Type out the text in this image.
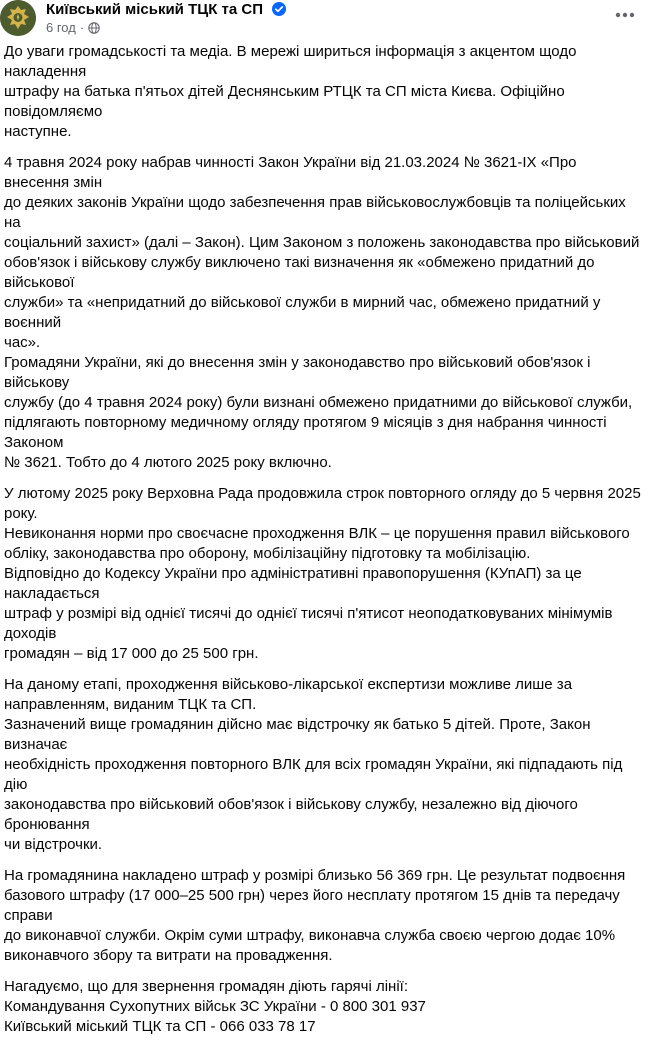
Київський міський ТЦК та СП
6 год ·

До уваги громадськості та медіа. В мережі шириться інформація з акцентом щодо накладення
штрафу на батька п'ятьох дітей Деснянським РТЦК та СП міста Києва. Офіційно повідомляємо
наступне.

4 травня 2024 року набрав чинності Закон України від 21.03.2024 № 3621-IX «Про внесення змін
до деяких законів України щодо забезпечення прав військовослужбовців та поліцейських на
соціальний захист» (далі – Закон). Цим Законом з положень законодавства про військовий
обов'язок і військову службу виключено такі визначення як «обмежено придатний до військової
служби» та «непридатний до військової служби в мирний час, обмежено придатний у воєнний
час».

Громадяни України, які до внесення змін у законодавство про військовий обов'язок і військову
службу (до 4 травня 2024 року) були визнані обмежено придатними до військової служби,
підлягають повторному медичному огляду протягом 9 місяців з дня набрання чинності Законом
№ 3621. Тобто до 4 лютого 2025 року включно.

У лютому 2025 року Верховна Рада продовжила строк повторного огляду до 5 червня 2025 року.
Невиконання норми про своєчасне проходження ВЛК – це порушення правил військового
обліку, законодавства про оборону, мобілізаційну підготовку та мобілізацію.

Відповідно до Кодексу України про адміністративні правопорушення (КУпАП) за це накладається
штраф у розмірі від однієї тисячі до однієї тисячі п'ятисот неоподатковуваних мінімумів доходів
громадян – від 17 000 до 25 500 грн.

На даному етапі, проходження військово-лікарської експертизи можливе лише за
направленням, виданим ТЦК та СП.

Зазначений вище громадянин дійсно має відстрочку як батько 5 дітей. Проте, Закон визначає
необхідність проходження повторного ВЛК для всіх громадян України, які підпадають під дію
законодавства про військовий обов'язок і військову службу, незалежно від діючого бронювання
чи відстрочки.

На громадянина накладено штраф у розмірі близько 56 369 грн. Це результат подвоєння
базового штрафу (17 000–25 500 грн) через його несплату протягом 15 днів та передачу справи
до виконавчої служби. Окрім суми штрафу, виконавча служба своєю чергою додає 10%
виконавчого збору та витрати на провадження.

Нагадуємо, що для звернення громадян діють гарячі лінії:
Командування Сухопутних військ ЗС України - 0 800 301 937
Київський міський ТЦК та СП - 066 033 78 17
